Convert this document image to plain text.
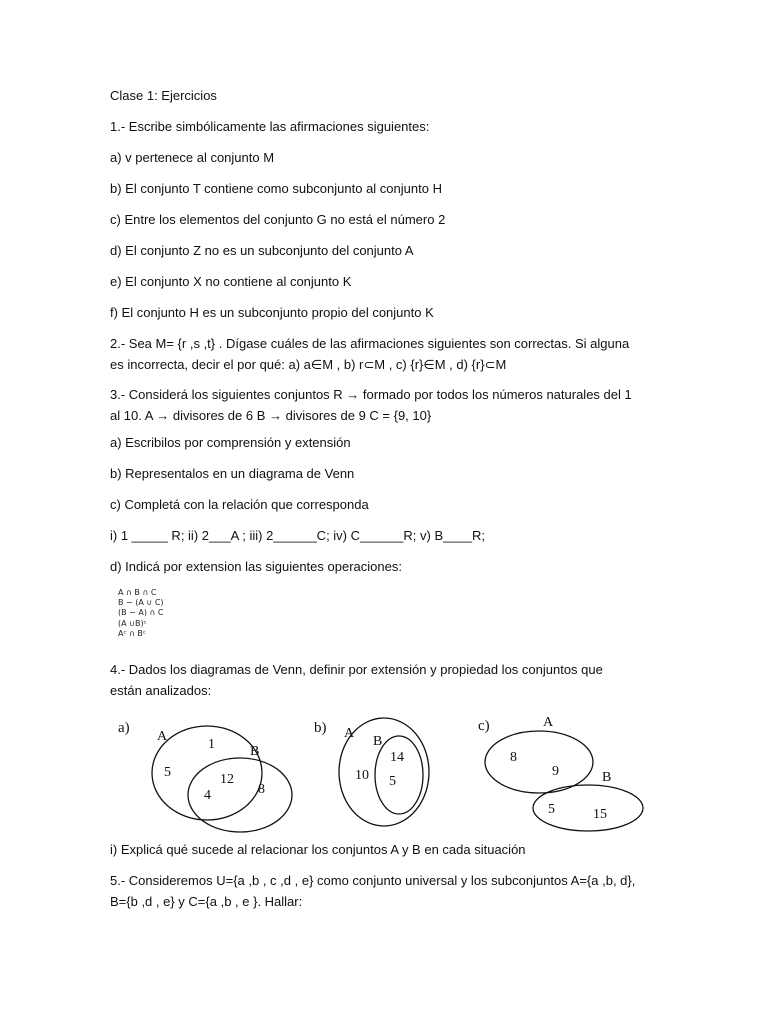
Clase 1: Ejercicios
1.- Escribe simbólicamente las afirmaciones siguientes:
a) v pertenece al conjunto M
b) El conjunto T contiene como subconjunto al conjunto H
c) Entre los elementos del conjunto G no está el número 2
d) El conjunto Z no es un subconjunto del conjunto A
e) El conjunto X no contiene al conjunto K
f) El conjunto H es un subconjunto propio del conjunto K
2.- Sea M= {r ,s ,t} . Dígase cuáles de las afirmaciones siguientes son correctas. Si alguna es incorrecta, decir el por qué: a) a∈M , b) r⊂M , c) {r}∈M , d) {r}⊂M
3.- Considerá los siguientes conjuntos R → formado por todos los números naturales del 1 al 10. A → divisores de 6 B → divisores de 9 C = {9, 10}
a) Escribilos por comprensión y extensión
b) Representalos en un diagrama de Venn
c) Completá con la relación que corresponda
i) 1 _____ R; ii) 2___A ; iii) 2______C; iv) C______R; v) B____R;
d) Indicá por extension las siguientes operaciones:
A ∩ B ∩ C
B − (A ∪ C)
(B − A) ∩ C
(A ∪B)ᶜ
Aᶜ ∩ Bᶜ
4.- Dados los diagramas de Venn, definir por extensión y propiedad los conjuntos que están analizados:
a)
A
B
1
5	12
4	8
b) A
B
10
14
5
c)	A
8
9	B
5	15
i) Explicá qué sucede al relacionar los conjuntos A y B en cada situación
5.- Consideremos U={a ,b , c ,d , e} como conjunto universal y los subconjuntos A={a ,b, d}, B={b ,d , e} y C={a ,b , e }. Hallar:
